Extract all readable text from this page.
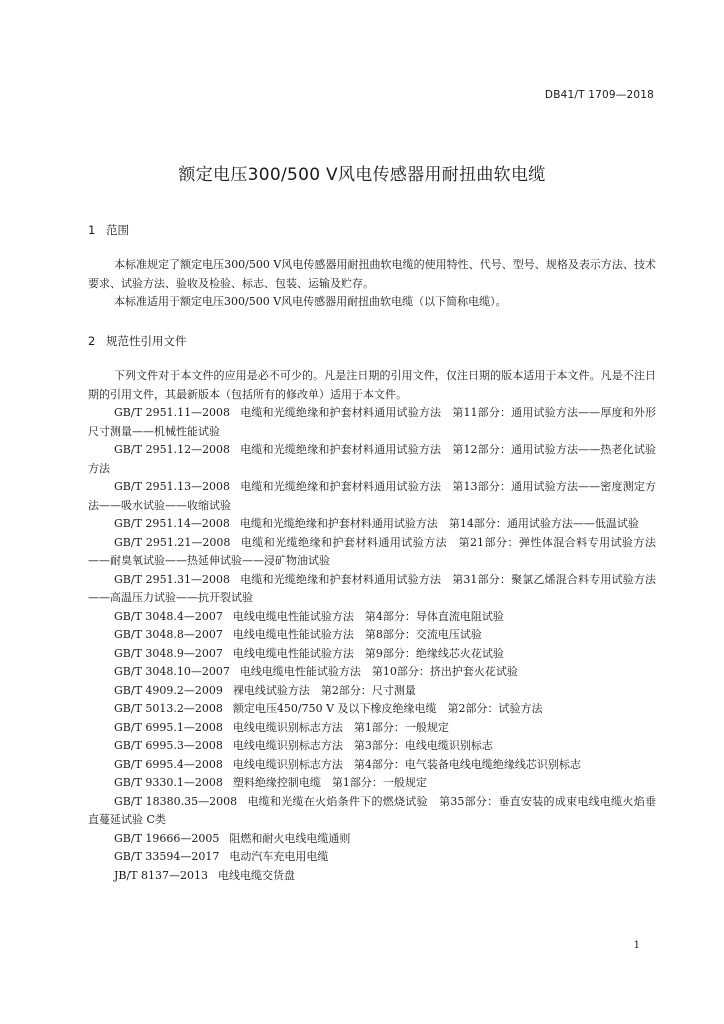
DB41/T 1709—2018
额定电压300/500 V风电传感器用耐扭曲软电缆
1 范围

本标准规定了额定电压300/500 V风电传感器用耐扭曲软电缆的使用特性、代号、型号、规格及表示方法、技术要求、试验方法、验收及检验、标志、包装、运输及贮存。

本标准适用于额定电压300/500 V风电传感器用耐扭曲软电缆（以下简称电缆）。

2 规范性引用文件

下列文件对于本文件的应用是必不可少的。凡是注日期的引用文件，仅注日期的版本适用于本文件。凡是不注日期的引用文件，其最新版本（包括所有的修改单）适用于本文件。

GB/T 2951.11—2008 电缆和光缆绝缘和护套材料通用试验方法　第11部分：通用试验方法——厚度和外形尺寸测量——机械性能试验

GB/T 2951.12—2008 电缆和光缆绝缘和护套材料通用试验方法　第12部分：通用试验方法——热老化试验方法

GB/T 2951.13—2008 电缆和光缆绝缘和护套材料通用试验方法　第13部分：通用试验方法——密度测定方法——吸水试验——收缩试验

GB/T 2951.14—2008 电缆和光缆绝缘和护套材料通用试验方法　第14部分：通用试验方法——低温试验

GB/T 2951.21—2008 电缆和光缆绝缘和护套材料通用试验方法　第21部分：弹性体混合料专用试验方法——耐臭氧试验——热延伸试验——浸矿物油试验

GB/T 2951.31—2008 电缆和光缆绝缘和护套材料通用试验方法　第31部分：聚氯乙烯混合料专用试验方法——高温压力试验——抗开裂试验

GB/T 3048.4—2007 电线电缆电性能试验方法　第4部分：导体直流电阻试验

GB/T 3048.8—2007 电线电缆电性能试验方法　第8部分：交流电压试验

GB/T 3048.9—2007 电线电缆电性能试验方法　第9部分：绝缘线芯火花试验

GB/T 3048.10—2007 电线电缆电性能试验方法　第10部分：挤出护套火花试验

GB/T 4909.2—2009 裸电线试验方法　第2部分：尺寸测量

GB/T 5013.2—2008 额定电压450/750 V 及以下橡皮绝缘电缆　第2部分：试验方法

GB/T 6995.1—2008 电线电缆识别标志方法　第1部分：一般规定

GB/T 6995.3—2008 电线电缆识别标志方法　第3部分：电线电缆识别标志

GB/T 6995.4—2008 电线电缆识别标志方法　第4部分：电气装备电线电缆绝缘线芯识别标志

GB/T 9330.1—2008 塑料绝缘控制电缆　第1部分：一般规定

GB/T 18380.35—2008 电缆和光缆在火焰条件下的燃烧试验　第35部分：垂直安装的成束电线电缆火焰垂直蔓延试验 C类

GB/T 19666—2005 阻燃和耐火电线电缆通则

GB/T 33594—2017 电动汽车充电用电缆

JB/T 8137—2013 电线电缆交货盘

1
